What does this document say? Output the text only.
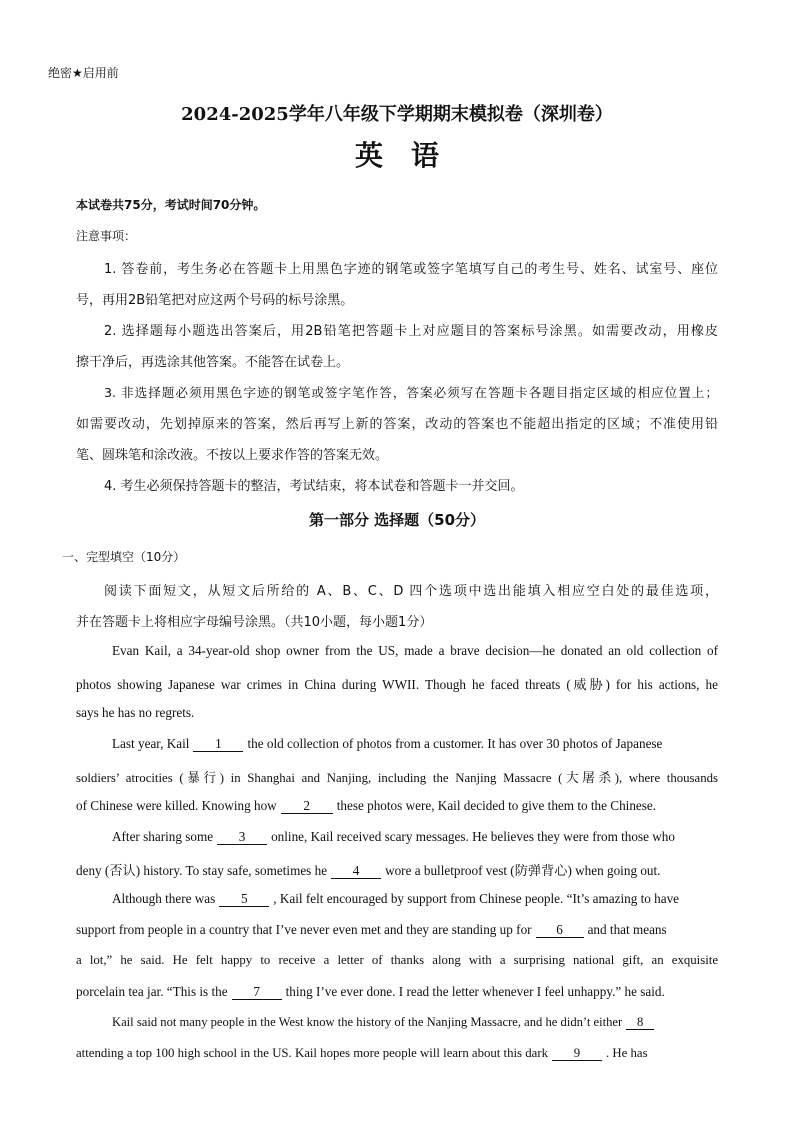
绝密★启用前
2024-2025学年八年级下学期期末模拟卷（深圳卷）
英语
本试卷共75分，考试时间70分钟。
注意事项：
1. 答卷前，考生务必在答题卡上用黑色字迹的钢笔或签字笔填写自己的考生号、姓名、试室号、座位
号，再用2B铅笔把对应这两个号码的标号涂黑。
2. 选择题每小题选出答案后，用2B铅笔把答题卡上对应题目的答案标号涂黑。如需要改动，用橡皮
擦干净后，再选涂其他答案。不能答在试卷上。
3. 非选择题必须用黑色字迹的钢笔或签字笔作答，答案必须写在答题卡各题目指定区域的相应位置上；
如需要改动，先划掉原来的答案，然后再写上新的答案，改动的答案也不能超出指定的区域；不准使用铅
笔、圆珠笔和涂改液。不按以上要求作答的答案无效。
4. 考生必须保持答题卡的整洁，考试结束，将本试卷和答题卡一并交回。
第一部分 选择题（50分）
一、完型填空（10分）
阅读下面短文，从短文后所给的 A、B、C、D 四个选项中选出能填入相应空白处的最佳选项，
并在答题卡上将相应字母编号涂黑。（共10小题，每小题1分）
Evan Kail, a 34-year-old shop owner from the US, made a brave decision—he donated an old collection of
photos showing Japanese war crimes in China during WWII. Though he faced threats (威胁) for his actions, he
says he has no regrets.
Last year, Kail 1 the old collection of photos from a customer. It has over 30 photos of Japanese
soldiers’ atrocities (暴行) in Shanghai and Nanjing, including the Nanjing Massacre (大屠杀), where thousands
of Chinese were killed. Knowing how 2 these photos were, Kail decided to give them to the Chinese.
After sharing some 3 online, Kail received scary messages. He believes they were from those who
deny (否认) history. To stay safe, sometimes he 4 wore a bulletproof vest (防弹背心) when going out.
Although there was 5 , Kail felt encouraged by support from Chinese people. “It’s amazing to have
support from people in a country that I’ve never even met and they are standing up for 6 and that means
a lot,” he said. He felt happy to receive a letter of thanks along with a surprising national gift, an exquisite
porcelain tea jar. “This is the 7 thing I’ve ever done. I read the letter whenever I feel unhappy.” he said.
Kail said not many people in the West know the history of the Nanjing Massacre, and he didn’t either 8
attending a top 100 high school in the US. Kail hopes more people will learn about this dark 9 . He has
